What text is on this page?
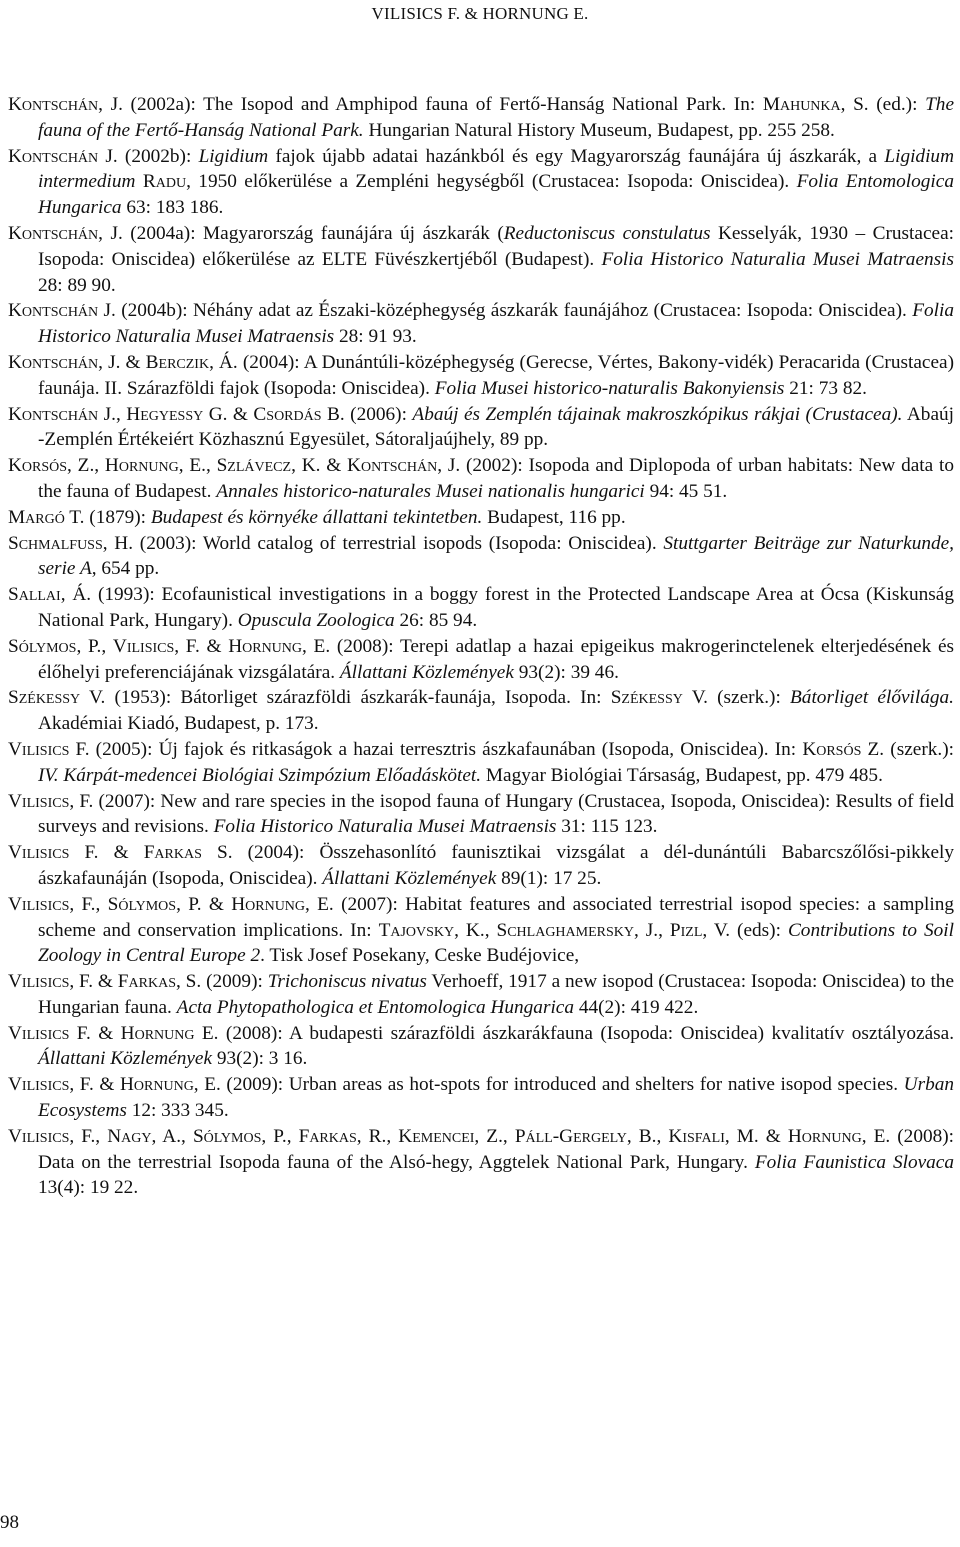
VILISICS F. & HORNUNG E.
Kontschán, J. (2002a): The Isopod and Amphipod fauna of Fertő-Hanság National Park. In: Mahunka, S. (ed.): The fauna of the Fertő-Hanság National Park. Hungarian Natural History Museum, Budapest, pp. 255 258.
Kontschán J. (2002b): Ligidium fajok újabb adatai hazánkból és egy Magyarország faunájára új ászkarák, a Ligidium intermedium Radu, 1950 előkerülése a Zempléni hegységből (Crustacea: Isopoda: Oniscidea). Folia Entomologica Hungarica 63: 183 186.
Kontschán, J. (2004a): Magyarország faunájára új ászkarák (Reductoniscus constulatus Kesselyák, 1930 – Crustacea: Isopoda: Oniscidea) előkerülése az ELTE Füvészkertjéből (Budapest). Folia Historico Naturalia Musei Matraensis 28: 89 90.
Kontschán J. (2004b): Néhány adat az Északi-középhegység ászkarák faunájához (Crustacea: Isopoda: Oniscidea). Folia Historico Naturalia Musei Matraensis 28: 91 93.
Kontschán, J. & Berczik, Á. (2004): A Dunántúli-középhegység (Gerecse, Vértes, Bakony-vidék) Peracarida (Crustacea) faunája. II. Szárazföldi fajok (Isopoda: Oniscidea). Folia Musei historico-naturalis Bakonyiensis 21: 73 82.
Kontschán J., Hegyessy G. & Csordás B. (2006): Abaúj és Zemplén tájainak makroszkópikus rákjai (Crustacea). Abaúj -Zemplén Értékeiért Közhasznú Egyesület, Sátoraljaújhely, 89 pp.
Korsós, Z., Hornung, E., Szlávecz, K. & Kontschán, J. (2002): Isopoda and Diplopoda of urban habitats: New data to the fauna of Budapest. Annales historico-naturales Musei nationalis hungarici 94: 45 51.
Margó T. (1879): Budapest és környéke állattani tekintetben. Budapest, 116 pp.
Schmalfuss, H. (2003): World catalog of terrestrial isopods (Isopoda: Oniscidea). Stuttgarter Beiträge zur Naturkunde, serie A, 654 pp.
Sallai, Á. (1993): Ecofaunistical investigations in a boggy forest in the Protected Landscape Area at Ócsa (Kiskunság National Park, Hungary). Opuscula Zoologica 26: 85 94.
Sólymos, P., Vilisics, F. & Hornung, E. (2008): Terepi adatlap a hazai epigeikus makrogerinctelenek elterjedésének és élőhelyi preferenciájának vizsgálatára. Állattani Közlemények 93(2): 39 46.
Székessy V. (1953): Bátorliget szárazföldi ászkarák-faunája, Isopoda. In: Székessy V. (szerk.): Bátorliget élővilága. Akadémiai Kiadó, Budapest, p. 173.
Vilisics F. (2005): Új fajok és ritkaságok a hazai terresztris ászkafaunában (Isopoda, Oniscidea). In: Korsós Z. (szerk.): IV. Kárpát-medencei Biológiai Szimpózium Előadáskötet. Magyar Biológiai Társaság, Budapest, pp. 479 485.
Vilisics, F. (2007): New and rare species in the isopod fauna of Hungary (Crustacea, Isopoda, Oniscidea): Results of field surveys and revisions. Folia Historico Naturalia Musei Matraensis 31: 115 123.
Vilisics F. & Farkas S. (2004): Összehasonlító faunisztikai vizsgálat a dél-dunántúli Babarcszőlősi-pikkely ászkafaunáján (Isopoda, Oniscidea). Állattani Közlemények 89(1): 17 25.
Vilisics, F., Sólymos, P. & Hornung, E. (2007): Habitat features and associated terrestrial isopod species: a sampling scheme and conservation implications. In: Tajovsky, K., Schlaghamersky, J., Pizl, V. (eds): Contributions to Soil Zoology in Central Europe 2. Tisk Josef Posekany, Ceske Budéjovice,
Vilisics, F. & Farkas, S. (2009): Trichoniscus nivatus Verhoeff, 1917 a new isopod (Crustacea: Isopoda: Oniscidea) to the Hungarian fauna. Acta Phytopathologica et Entomologica Hungarica 44(2): 419 422.
Vilisics F. & Hornung E. (2008): A budapesti szárazföldi ászkarákfauna (Isopoda: Oniscidea) kvalitatív osztályozása. Állattani Közlemények 93(2): 3 16.
Vilisics, F. & Hornung, E. (2009): Urban areas as hot-spots for introduced and shelters for native isopod species. Urban Ecosystems 12: 333 345.
Vilisics, F., Nagy, A., Sólymos, P., Farkas, R., Kemencei, Z., Páll-Gergely, B., Kisfali, M. & Hornung, E. (2008): Data on the terrestrial Isopoda fauna of the Alsó-hegy, Aggtelek National Park, Hungary. Folia Faunistica Slovaca 13(4): 19 22.
98
